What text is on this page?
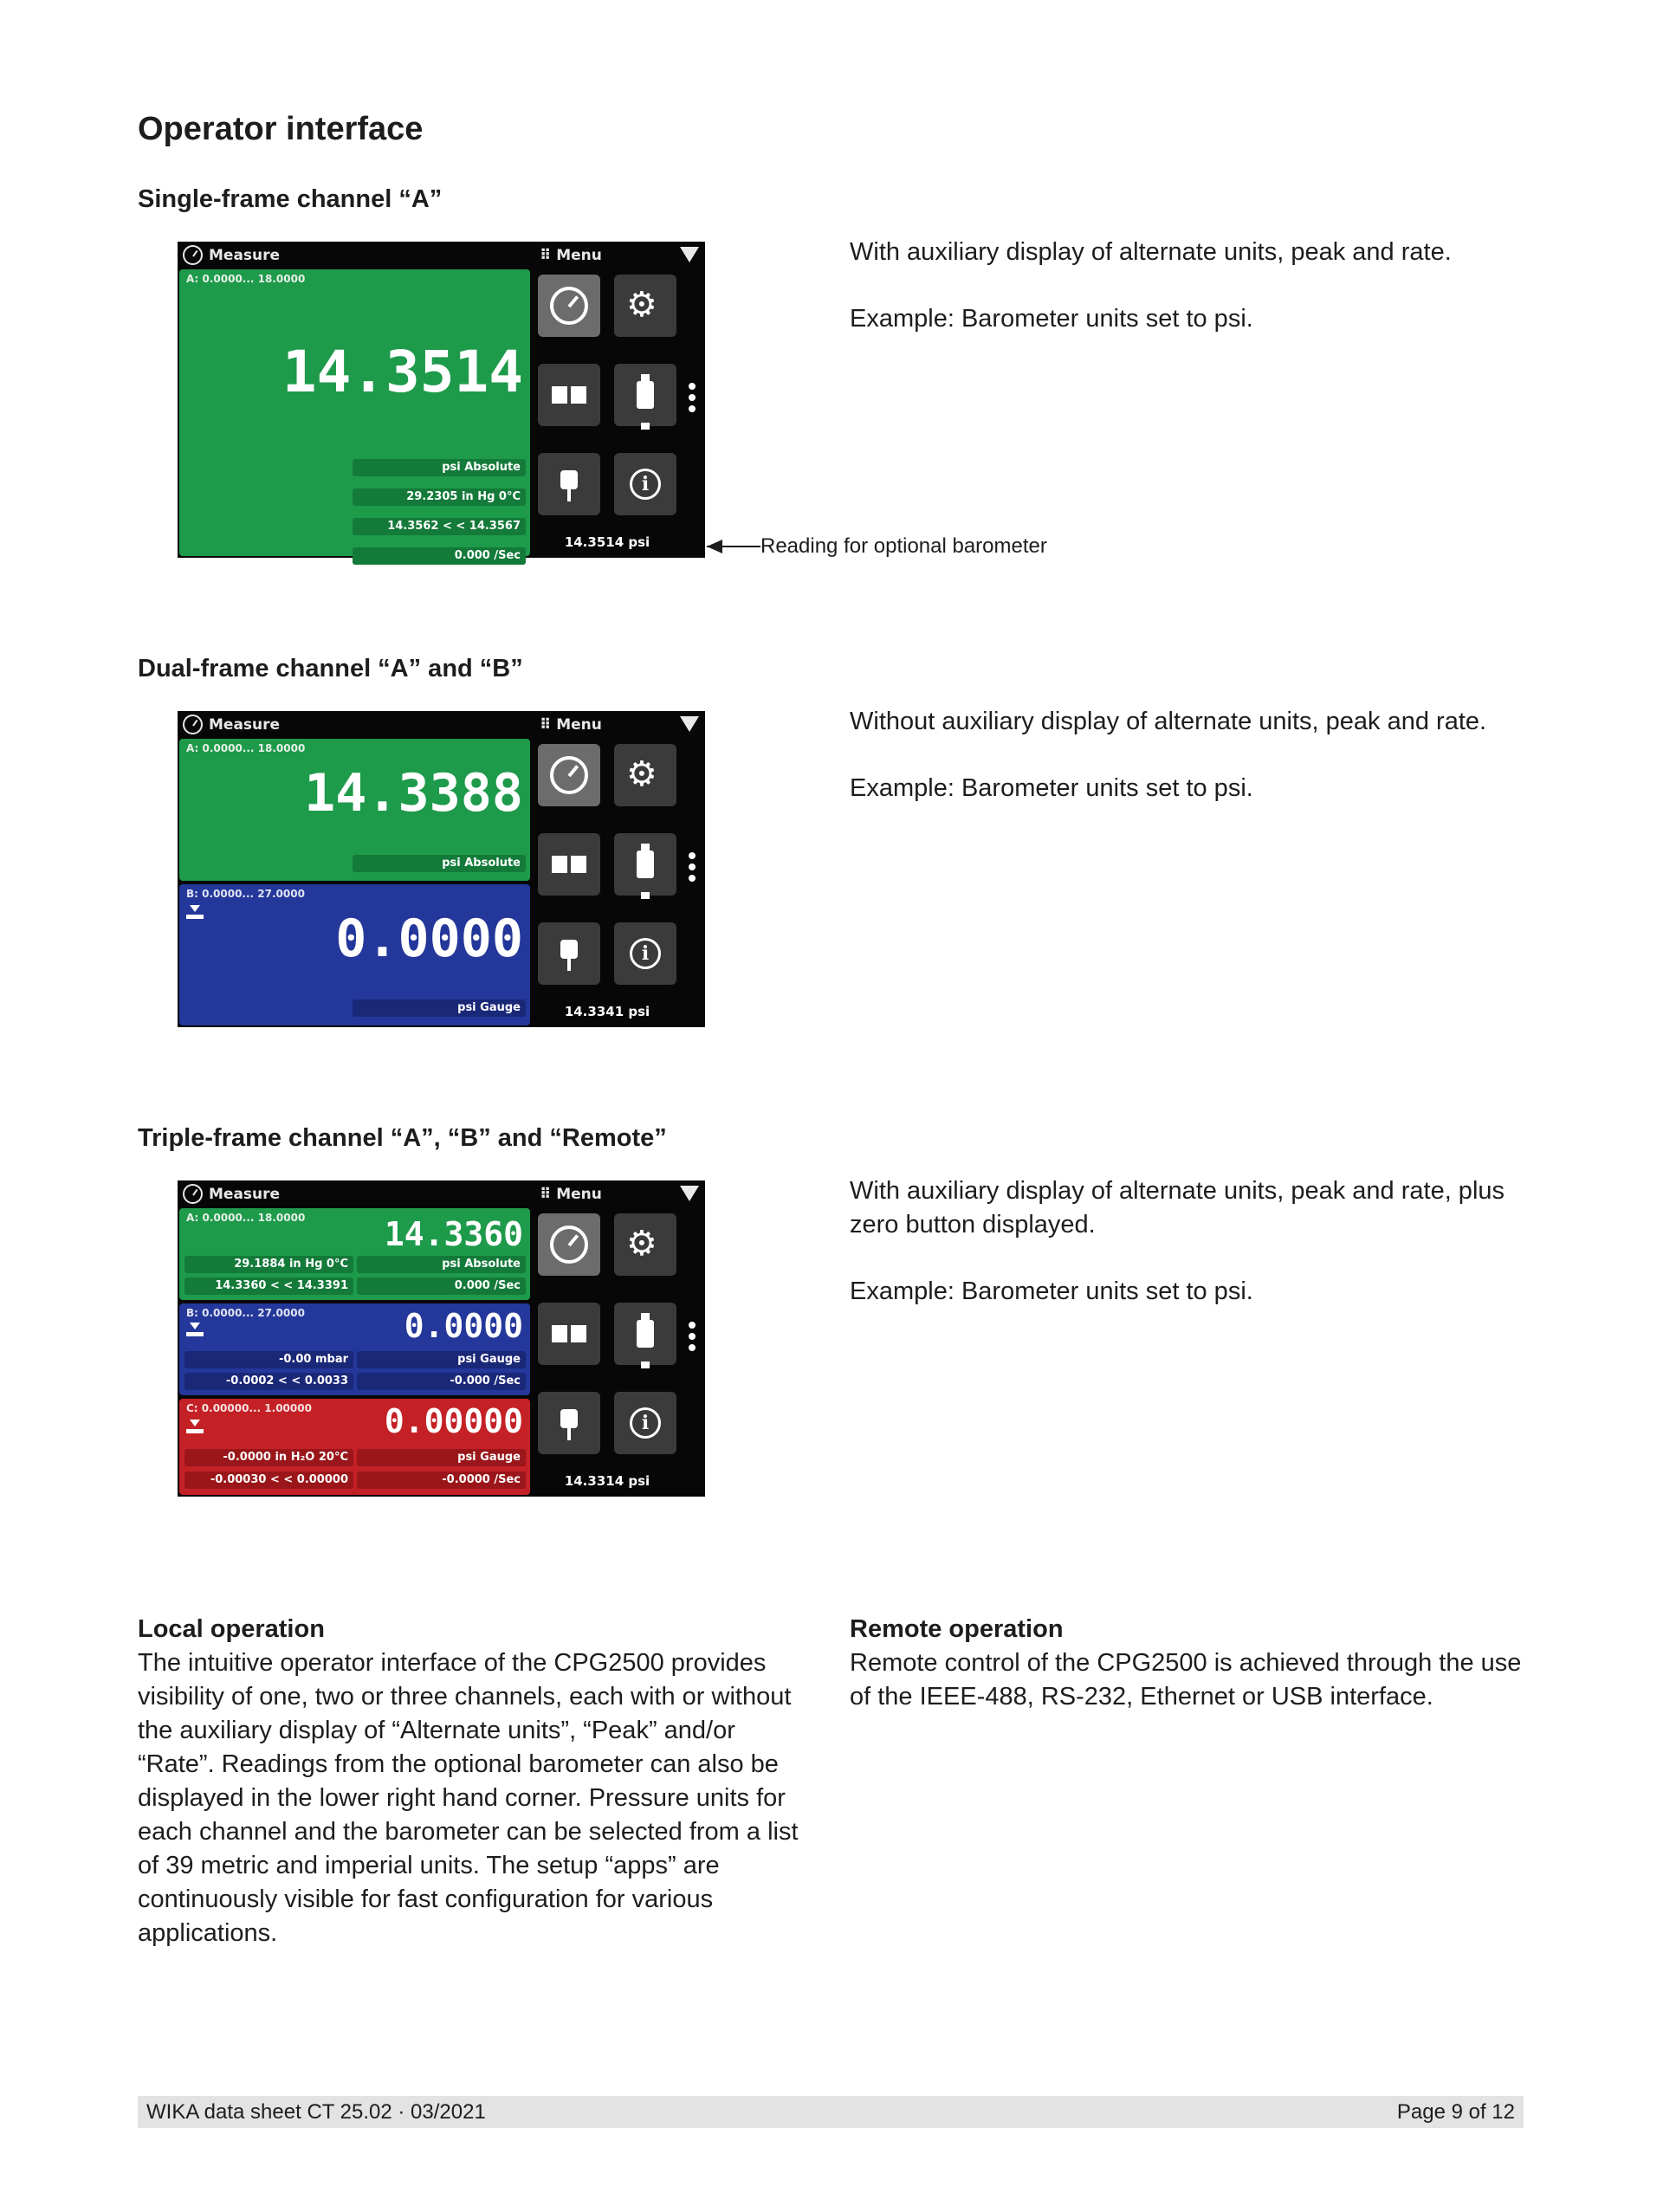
Operator interface
Single-frame channel “A”

With auxiliary display of alternate units, peak and rate.

Example: Barometer units set to psi.

Measure	⠿ Menu
A: 0.0000... 18.0000
14.3514
psi Absolute
29.2305 in Hg 0°C
14.3562 < < 14.3567
0.000 /Sec
⚙
i
14.3514 psi	Reading for optional barometer
Dual-frame channel “A” and “B”

Without auxiliary display of alternate units, peak and rate.

Example: Barometer units set to psi.

Measure	⠿ Menu
A: 0.0000... 18.0000
14.3388
psi Absolute
B: 0.0000... 27.0000
0.0000
psi Gauge
⚙
i
14.3341 psi
Triple-frame channel “A”, “B” and “Remote”

With auxiliary display of alternate units, peak and rate, plus zero button displayed.

Example: Barometer units set to psi.

Measure	⠿ Menu
A: 0.0000... 18.0000 14.3360
29.1884 in Hg 0°C	psi Absolute
14.3360 < < 14.3391	0.000 /Sec
B: 0.0000... 27.0000	0.0000
-0.00 mbar	psi Gauge
-0.0002 < < 0.0033	-0.000 /Sec
C: 0.00000... 1.00000 0.00000
-0.0000 in H₂O 20°C	psi Gauge
-0.00030 < < 0.00000	-0.0000 /Sec
⚙
i
14.3314 psi
Local operation

The intuitive operator interface of the CPG2500 provides visibility of one, two or three channels, each with or without the auxiliary display of “Alternate units”, “Peak” and/or “Rate”. Readings from the optional barometer can also be displayed in the lower right hand corner. Pressure units for each channel and the barometer can be selected from a list of 39 metric and imperial units. The setup “apps” are continuously visible for fast configuration for various applications.

Remote operation

Remote control of the CPG2500 is achieved through the use of the IEEE-488, RS-232, Ethernet or USB interface.

WIKA data sheet CT 25.02 · 03/2021	Page 9 of 12
